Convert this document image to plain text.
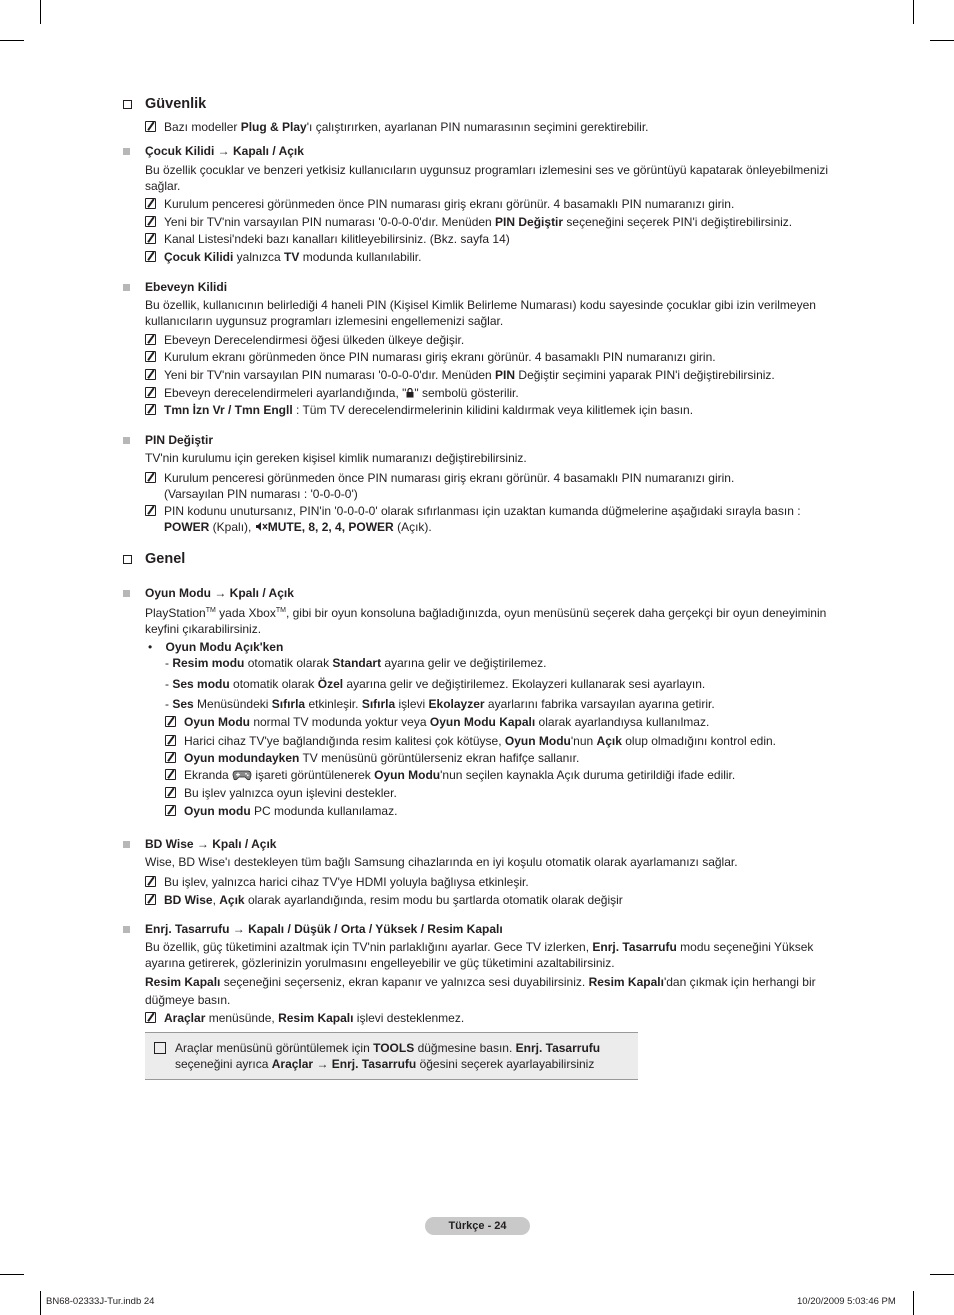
Güvenlik
Bazı modeller Plug & Play'ı çalıştırırken, ayarlanan PIN numarasının seçimini gerektirebilir.
Çocuk Kilidi → Kapalı / Açık
Bu özellik çocuklar ve benzeri yetkisiz kullanıcıların uygunsuz programları izlemesini ses ve görüntüyü kapatarak önleyebilmenizi sağlar.
Kurulum penceresi görünmeden önce PIN numarası giriş ekranı görünür. 4 basamaklı PIN numaranızı girin.
Yeni bir TV'nin varsayılan PIN numarası '0-0-0-0'dır. Menüden PIN Değiştir seçeneğini seçerek PIN'i değiştirebilirsiniz.
Kanal Listesi'ndeki bazı kanalları kilitleyebilirsiniz. (Bkz. sayfa 14)
Çocuk Kilidi yalnızca TV modunda kullanılabilir.
Ebeveyn Kilidi
Bu özellik, kullanıcının belirlediği 4 haneli PIN (Kişisel Kimlik Belirleme Numarası) kodu sayesinde çocuklar gibi izin verilmeyen kullanıcıların uygunsuz programları izlemesini engellemenizi sağlar.
Ebeveyn Derecelendirmesi öğesi ülkeden ülkeye değişir.
Kurulum ekranı görünmeden önce PIN numarası giriş ekranı görünür. 4 basamaklı PIN numaranızı girin.
Yeni bir TV'nin varsayılan PIN numarası '0-0-0-0'dır. Menüden PIN Değiştir seçimini yaparak PIN'i değiştirebilirsiniz.
Ebeveyn derecelendirmeleri ayarlandığında, " " sembolü gösterilir.
Tmn İzn Vr / Tmn Engll : Tüm TV derecelendirmelerinin kilidini kaldırmak veya kilitlemek için basın.
PIN Değiştir
TV'nin kurulumu için gereken kişisel kimlik numaranızı değiştirebilirsiniz.
Kurulum penceresi görünmeden önce PIN numarası giriş ekranı görünür. 4 basamaklı PIN numaranızı girin.
(Varsayılan PIN numarası : '0-0-0-0')
PIN kodunu unutursanız, PIN'in '0-0-0-0' olarak sıfırlanması için uzaktan kumanda düğmelerine aşağıdaki sırayla basın :
POWER (Kpalı), MUTE, 8, 2, 4, POWER (Açık).
Genel
Oyun Modu → Kpalı / Açık
PlayStation™ yada Xbox™, gibi bir oyun konsoluna bağladığınızda, oyun menüsünü seçerek daha gerçekçi bir oyun deneyiminin keyfini çıkarabilirsiniz.
•    Oyun Modu Açık'ken
- Resim modu otomatik olarak Standart ayarına gelir ve değiştirilemez.
- Ses modu otomatik olarak Özel ayarına gelir ve değiştirilemez. Ekolayzeri kullanarak sesi ayarlayın.
- Ses Menüsündeki Sıfırla etkinleşir. Sıfırla işlevi Ekolayzer ayarlarını fabrika varsayılan ayarına getirir.
Oyun Modu normal TV modunda yoktur veya Oyun Modu Kapalı olarak ayarlandıysa kullanılmaz.
Harici cihaz TV'ye bağlandığında resim kalitesi çok kötüyse, Oyun Modu'nun Açık olup olmadığını kontrol edin.
Oyun modundayken TV menüsünü görüntülerseniz ekran hafifçe sallanır.
Ekranda  işareti görüntülenerek Oyun Modu'nun seçilen kaynakla Açık duruma getirildiği ifade edilir.
Bu işlev yalnızca oyun işlevini destekler.
Oyun modu PC modunda kullanılamaz.
BD Wise → Kpalı / Açık
Wise, BD Wise'ı destekleyen tüm bağlı Samsung cihazlarında en iyi koşulu otomatik olarak ayarlamanızı sağlar.
Bu işlev, yalnızca harici cihaz TV'ye HDMI yoluyla bağlıysa etkinleşir.
BD Wise, Açık olarak ayarlandığında, resim modu bu şartlarda otomatik olarak değişir
Enrj. Tasarrufu → Kapalı / Düşük / Orta / Yüksek / Resim Kapalı
Bu özellik, güç tüketimini azaltmak için TV'nin parlaklığını ayarlar. Gece TV izlerken, Enrj. Tasarrufu modu seçeneğini Yüksek ayarına getirerek, gözlerinizin yorulmasını engelleyebilir ve güç tüketimini azaltabilirsiniz.
Resim Kapalı seçeneğini seçerseniz, ekran kapanır ve yalnızca sesi duyabilirsiniz. Resim Kapalı'dan çıkmak için herhangi bir düğmeye basın.
Araçlar menüsünde, Resim Kapalı işlevi desteklenmez.
Araçlar menüsünü görüntülemek için TOOLS düğmesine basın. Enrj. Tasarrufu seçeneğini ayrıca Araçlar → Enrj. Tasarrufu öğesini seçerek ayarlayabilirsiniz
Türkçe - 24
BN68-02333J-Tur.indb 24	10/20/2009 5:03:46 PM
